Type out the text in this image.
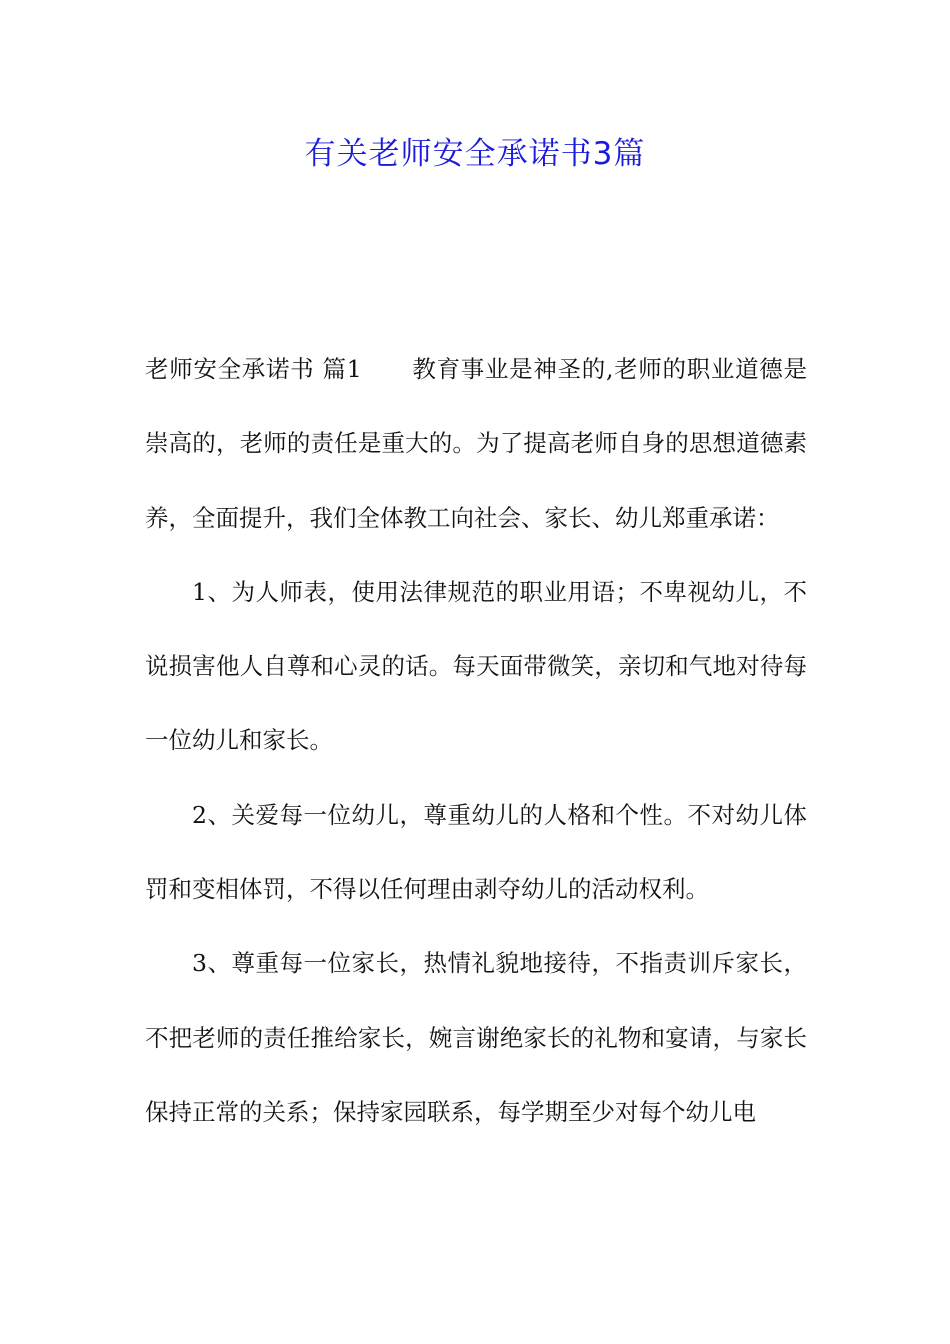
有关老师安全承诺书3篇

老师安全承诺书 篇1 教育事业是神圣的,老师的职业道德是崇高的，老师的责任是重大的。为了提高老师自身的思想道德素养，全面提升，我们全体教工向社会、家长、幼儿郑重承诺：

1、为人师表，使用法律规范的职业用语；不卑视幼儿，不说损害他人自尊和心灵的话。每天面带微笑，亲切和气地对待每一位幼儿和家长。

2、关爱每一位幼儿，尊重幼儿的人格和个性。不对幼儿体罚和变相体罚，不得以任何理由剥夺幼儿的活动权利。

3、尊重每一位家长，热情礼貌地接待，不指责训斥家长，不把老师的责任推给家长，婉言谢绝家长的礼物和宴请，与家长保持正常的关系；保持家园联系，每学期至少对每个幼儿电
